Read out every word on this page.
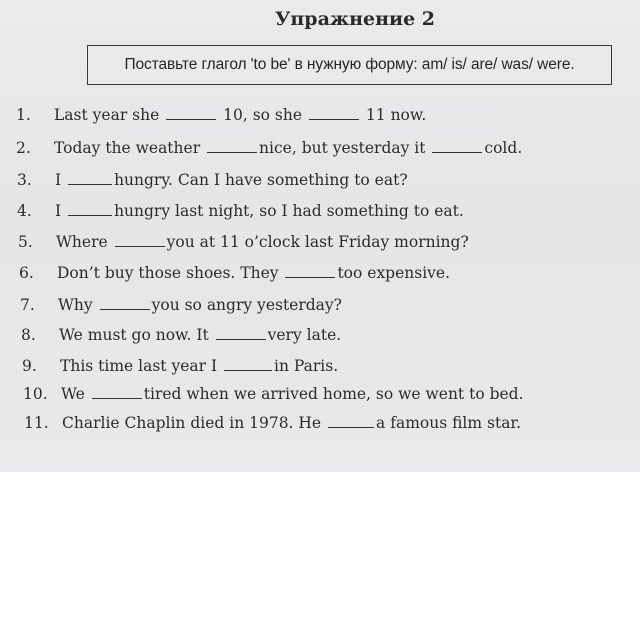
Упражнение 2
Поставьте глагол 'to be' в нужную форму: am/ is/ are/ was/ were.
1. Last year she	10, so she	11 now.
2. Today the weather	nice, but yesterday it	cold.
3. I	hungry. Can I have something to eat?
4. I	hungry last night, so I had something to eat.
5. Where	you at 11 o’clock last Friday morning?
6. Don’t buy those shoes. They	too expensive.
7. Why	you so angry yesterday?
8. We must go now. It	very late.
9. This time last year I	in Paris.
10. We	tired when we arrived home, so we went to bed.
11. Charlie Chaplin died in 1978. He	a famous film star.
